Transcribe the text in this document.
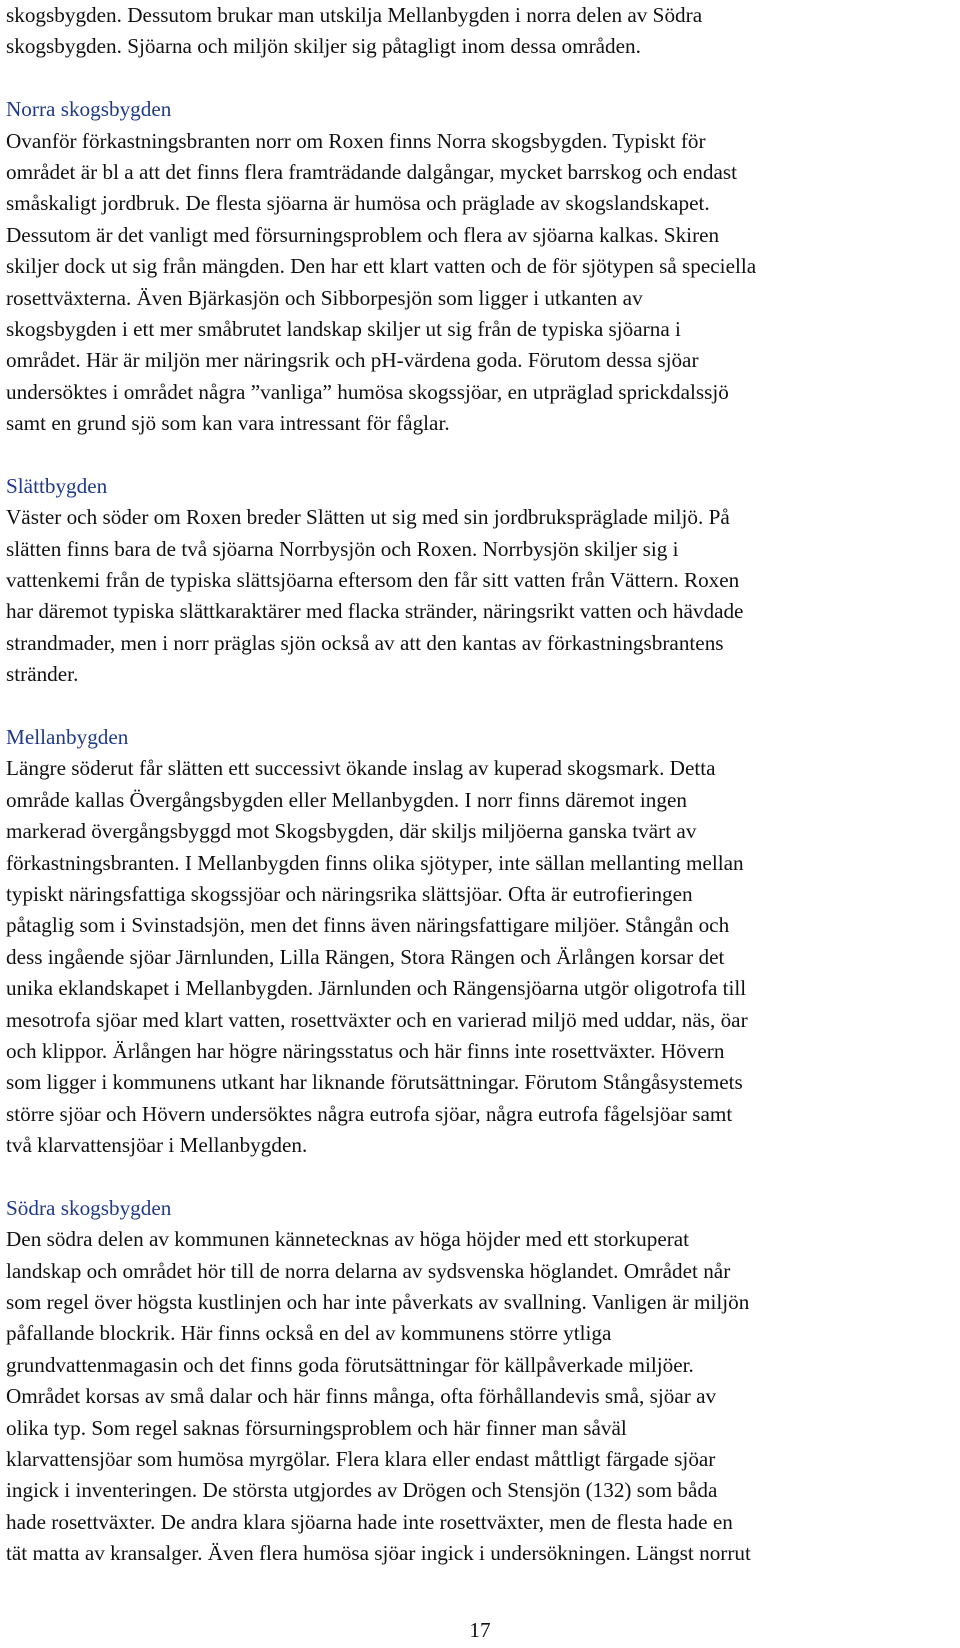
skogsbygden. Dessutom brukar man utskilja Mellanbygden i norra delen av Södra
skogsbygden. Sjöarna och miljön skiljer sig påtagligt inom dessa områden.
Norra skogsbygden
Ovanför förkastningsbranten norr om Roxen finns Norra skogsbygden. Typiskt för
området är bl a att det finns flera framträdande dalgångar, mycket barrskog och endast
småskaligt jordbruk. De flesta sjöarna är humösa och präglade av skogslandskapet.
Dessutom är det vanligt med försurningsproblem och flera av sjöarna kalkas. Skiren
skiljer dock ut sig från mängden. Den har ett klart vatten och de för sjötypen så speciella
rosettväxterna. Även Bjärkasjön och Sibborpesjön som ligger i utkanten av
skogsbygden i ett mer småbrutet landskap skiljer ut sig från de typiska sjöarna i
området. Här är miljön mer näringsrik och pH-värdena goda. Förutom dessa sjöar
undersöktes i området några ”vanliga” humösa skogssjöar, en utpräglad sprickdalssjö
samt en grund sjö som kan vara intressant för fåglar.
Slättbygden
Väster och söder om Roxen breder Slätten ut sig med sin jordbrukspräglade miljö. På
slätten finns bara de två sjöarna Norrbysjön och Roxen. Norrbysjön skiljer sig i
vattenkemi från de typiska slättsjöarna eftersom den får sitt vatten från Vättern. Roxen
har däremot typiska slättkaraktärer med flacka stränder, näringsrikt vatten och hävdade
strandmader, men i norr präglas sjön också av att den kantas av förkastningsbrantens
stränder.
Mellanbygden
Längre söderut får slätten ett successivt ökande inslag av kuperad skogsmark. Detta
område kallas Övergångsbygden eller Mellanbygden. I norr finns däremot ingen
markerad övergångsbyggd mot Skogsbygden, där skiljs miljöerna ganska tvärt av
förkastningsbranten. I Mellanbygden finns olika sjötyper, inte sällan mellanting mellan
typiskt näringsfattiga skogssjöar och näringsrika slättsjöar. Ofta är eutrofieringen
påtaglig som i Svinstadsjön, men det finns även näringsfattigare miljöer. Stångån och
dess ingående sjöar Järnlunden, Lilla Rängen, Stora Rängen och Ärlången korsar det
unika eklandskapet i Mellanbygden. Järnlunden och Rängensjöarna utgör oligotrofa till
mesotrofa sjöar med klart vatten, rosettväxter och en varierad miljö med uddar, näs, öar
och klippor. Ärlången har högre näringsstatus och här finns inte rosettväxter. Hövern
som ligger i kommunens utkant har liknande förutsättningar. Förutom Stångåsystemets
större sjöar och Hövern undersöktes några eutrofa sjöar, några eutrofa fågelsjöar samt
två klarvattensjöar i Mellanbygden.
Södra skogsbygden
Den södra delen av kommunen kännetecknas av höga höjder med ett storkuperat
landskap och området hör till de norra delarna av sydsvenska höglandet. Området når
som regel över högsta kustlinjen och har inte påverkats av svallning. Vanligen är miljön
påfallande blockrik. Här finns också en del av kommunens större ytliga
grundvattenmagasin och det finns goda förutsättningar för källpåverkade miljöer.
Området korsas av små dalar och här finns många, ofta förhållandevis små, sjöar av
olika typ. Som regel saknas försurningsproblem och här finner man såväl
klarvattensjöar som humösa myrgölar. Flera klara eller endast måttligt färgade sjöar
ingick i inventeringen. De största utgjordes av Drögen och Stensjön (132) som båda
hade rosettväxter. De andra klara sjöarna hade inte rosettväxter, men de flesta hade en
tät matta av kransalger. Även flera humösa sjöar ingick i undersökningen. Längst norrut
17
